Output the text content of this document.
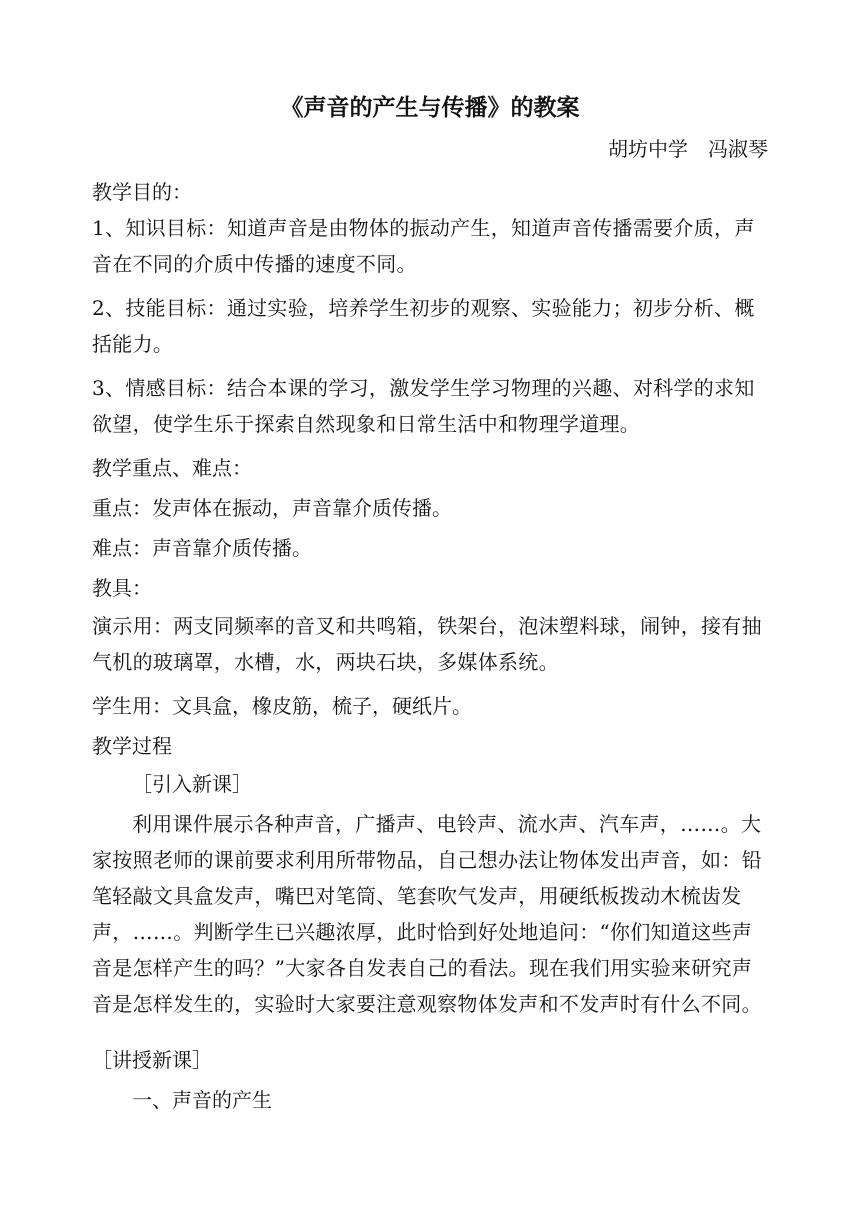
《声音的产生与传播》的教案
胡坊中学 冯淑琴
教学目的：
1、知识目标：知道声音是由物体的振动产生，知道声音传播需要介质，声音在不同的介质中传播的速度不同。
2、技能目标：通过实验，培养学生初步的观察、实验能力；初步分析、概括能力。
3、情感目标：结合本课的学习，激发学生学习物理的兴趣、对科学的求知欲望，使学生乐于探索自然现象和日常生活中和物理学道理。
教学重点、难点：
重点：发声体在振动，声音靠介质传播。
难点：声音靠介质传播。
教具：
演示用：两支同频率的音叉和共鸣箱，铁架台，泡沫塑料球，闹钟，接有抽气机的玻璃罩，水槽，水，两块石块，多媒体系统。
学生用：文具盒，橡皮筋，梳子，硬纸片。
教学过程
［引入新课］
利用课件展示各种声音，广播声、电铃声、流水声、汽车声，……。大家按照老师的课前要求利用所带物品，自己想办法让物体发出声音，如：铅笔轻敲文具盒发声，嘴巴对笔筒、笔套吹气发声，用硬纸板拨动木梳齿发声，……。判断学生已兴趣浓厚，此时恰到好处地追问：“你们知道这些声音是怎样产生的吗？”大家各自发表自己的看法。现在我们用实验来研究声音是怎样发生的，实验时大家要注意观察物体发声和不发声时有什么不同。
［讲授新课］
一、声音的产生
